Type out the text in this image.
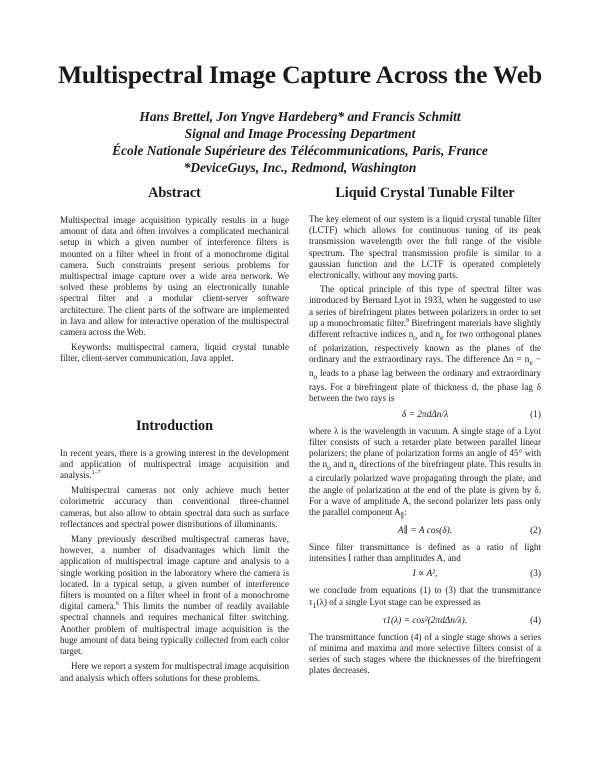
Multispectral Image Capture Across the Web
Hans Brettel, Jon Yngve Hardeberg* and Francis Schmitt
Signal and Image Processing Department
École Nationale Supérieure des Télécommunications, Paris, France
*DeviceGuys, Inc., Redmond, Washington
Abstract

Multispectral image acquisition typically results in a huge amount of data and often involves a complicated mechanical setup in which a given number of interference filters is mounted on a filter wheel in front of a monochrome digital camera. Such constraints present serious problems for multispectral image capture over a wide area network. We solved these problems by using an electronically tunable spectral filter and a modular client-server software architecture. The client parts of the software are implemented in Java and allow for interactive operation of the multispectral camera across the Web.

Keywords: multispectral camera, liquid crystal tunable filter, client-server communication, Java applet.

Introduction

In recent years, there is a growing interest in the development and application of multispectral image acquisition and analysis.$^{1-7}$

Multispectral cameras not only achieve much better colorimetric accuracy than conventional three-channel cameras, but also allow to obtain spectral data such as surface reflectances and spectral power distributions of illuminants.

Many previously described multispectral cameras have, however, a number of disadvantages which limit the application of multispectral image capture and analysis to a single working position in the laboratory where the camera is located. In a typical setup, a given number of interference filters is mounted on a filter wheel in front of a monochrome digital camera.$^6$ This limits the number of readily available spectral channels and requires mechanical filter switching. Another problem of multispectral image acquisition is the huge amount of data being typically collected from each color target.

Here we report a system for multispectral image acquisition and analysis which offers solutions for these problems.

Liquid Crystal Tunable Filter

The key element of our system is a liquid crystal tunable filter (LCTF) which allows for continuous tuning of its peak transmission wavelength over the full range of the visible spectrum. The spectral transmission profile is similar to a gaussian function and the LCTF is operated completely electronically, without any moving parts.

The optical principle of this type of spectral filter was introduced by Bernard Lyot in 1933, when he suggested to use a series of birefringent plates between polarizers in order to set up a monochromatic filter.$^8$ Birefringent materials have slightly different refractive indices $n_o$ and $n_e$ for two orthogonal planes of polarization, respectively known as the planes of the ordinary and the extraordinary rays. The difference $\Delta n = n_e - n_o$ leads to a phase lag between the ordinary and extraordinary rays. For a birefringent plate of thickness d, the phase lag δ between the two rays is

δ = 2πdΔn/λ	(1)

where λ is the wavelength in vacuum. A single stage of a Lyot filter consists of such a retarder plate between parallel linear polarizers; the plane of polarization forms an angle of 45° with the $n_o$ and $n_e$ directions of the birefringent plate. This results in a circularly polarized wave propagating through the plate, and the angle of polarization at the end of the plate is given by δ. For a wave of amplitude A, the second polarizer lets pass only the parallel component $A_\parallel$:

A∥ = A cos(δ).	(2)

Since filter transmittance is defined as a ratio of light intensities I rather than amplitudes A, and

I ∝ A²,	(3)

we conclude from equations (1) to (3) that the transmittance $\tau_1(\lambda)$ of a single Lyot stage can be expressed as

τ1(λ) = cos²(2πdΔn/λ).	(4)

The transmittance function (4) of a single stage shows a series of minima and maxima and more selective filters consist of a series of such stages where the thicknesses of the birefringent plates decreases.
